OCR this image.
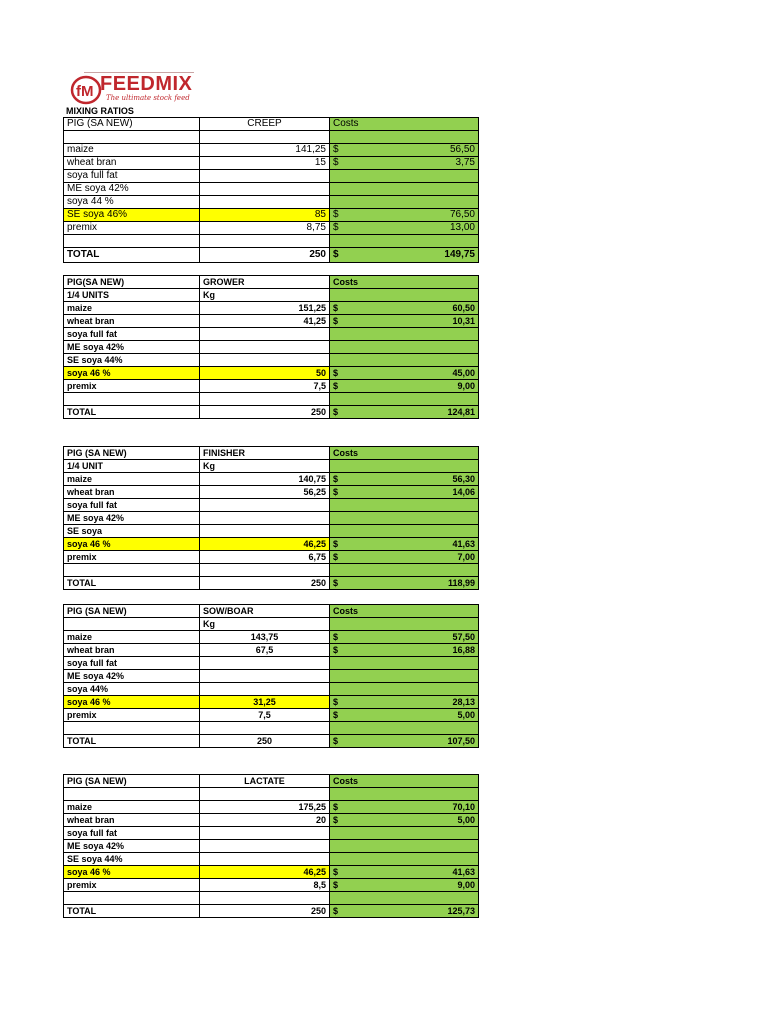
fM FEEDMIX
The ultimate stock feed
MIXING RATIOS
PIG (SA NEW)	CREEP	Costs

maize	141,25	$ 56,50

wheat bran	15	$ 3,75

soya full fat		
ME soya 42%		
soya 44 %		
SE soya 46%	85	$ 76,50

premix	8,75	$ 13,00

TOTAL	250	$ 149,75
PIG(SA NEW)	GROWER	Costs
1/4 UNITS	Kg	
maize	151,25	$ 60,50

wheat bran	41,25	$ 10,31

soya full fat		
ME soya 42%		
SE soya 44%		
soya 46 %	50	$ 45,00

premix	7,5	$ 9,00

TOTAL	250	$ 124,81
PIG (SA NEW)	FINISHER	Costs
1/4 UNIT	Kg	
maize	140,75	$ 56,30

wheat bran	56,25	$ 14,06

soya full fat		
ME soya 42%		
SE soya		
soya 46 %	46,25	$ 41,63

premix	6,75	$ 7,00

TOTAL	250	$ 118,99
PIG (SA NEW)	SOW/BOAR	Costs
	Kg	
maize	143,75	$ 57,50

wheat bran	67,5	$ 16,88

soya full fat		
ME soya 42%		
soya 44%		
soya 46 %	31,25	$ 28,13

premix	7,5	$ 5,00

TOTAL	250	$ 107,50
PIG (SA NEW)	LACTATE	Costs

maize	175,25	$ 70,10

wheat bran	20	$ 5,00

soya full fat		
ME soya 42%		
SE soya 44%		
soya 46 %	46,25	$ 41,63

premix	8,5	$ 9,00

TOTAL	250	$ 125,73
